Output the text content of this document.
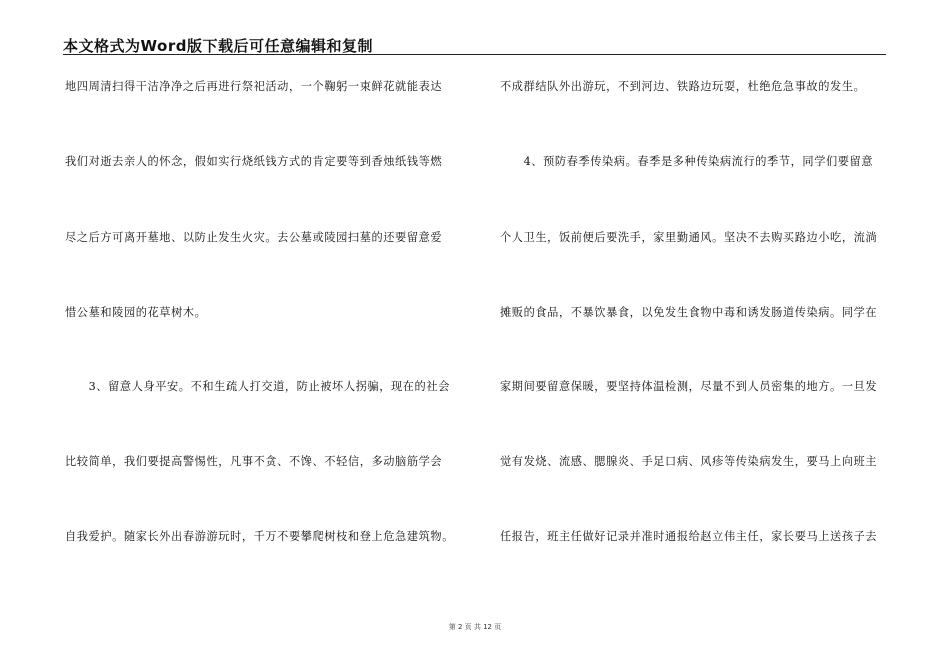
本文格式为Word版下载后可任意编辑和复制
地四周清扫得干洁净净之后再进行祭祀活动，一个鞠躬一束鲜花就能表达
我们对逝去亲人的怀念，假如实行烧纸钱方式的肯定要等到香烛纸钱等燃
尽之后方可离开墓地、以防止发生火灾。去公墓或陵园扫墓的还要留意爱
惜公墓和陵园的花草树木。
　　3、留意人身平安。不和生疏人打交道，防止被坏人拐骗，现在的社会
比较简单，我们要提高警惕性，凡事不贪、不馋、不轻信，多动脑筋学会
自我爱护。随家长外出春游游玩时，千万不要攀爬树枝和登上危急建筑物。
不成群结队外出游玩，不到河边、铁路边玩耍，杜绝危急事故的发生。
　　4、预防春季传染病。春季是多种传染病流行的季节，同学们要留意
个人卫生，饭前便后要洗手，家里勤通风。坚决不去购买路边小吃，流淌
摊贩的食品，不暴饮暴食，以免发生食物中毒和诱发肠道传染病。同学在
家期间要留意保暖，要坚持体温检测，尽量不到人员密集的地方。一旦发
觉有发烧、流感、腮腺炎、手足口病、风疹等传染病发生，要马上向班主
任报告，班主任做好记录并准时通报给赵立伟主任，家长要马上送孩子去
第 2 页 共 12 页
